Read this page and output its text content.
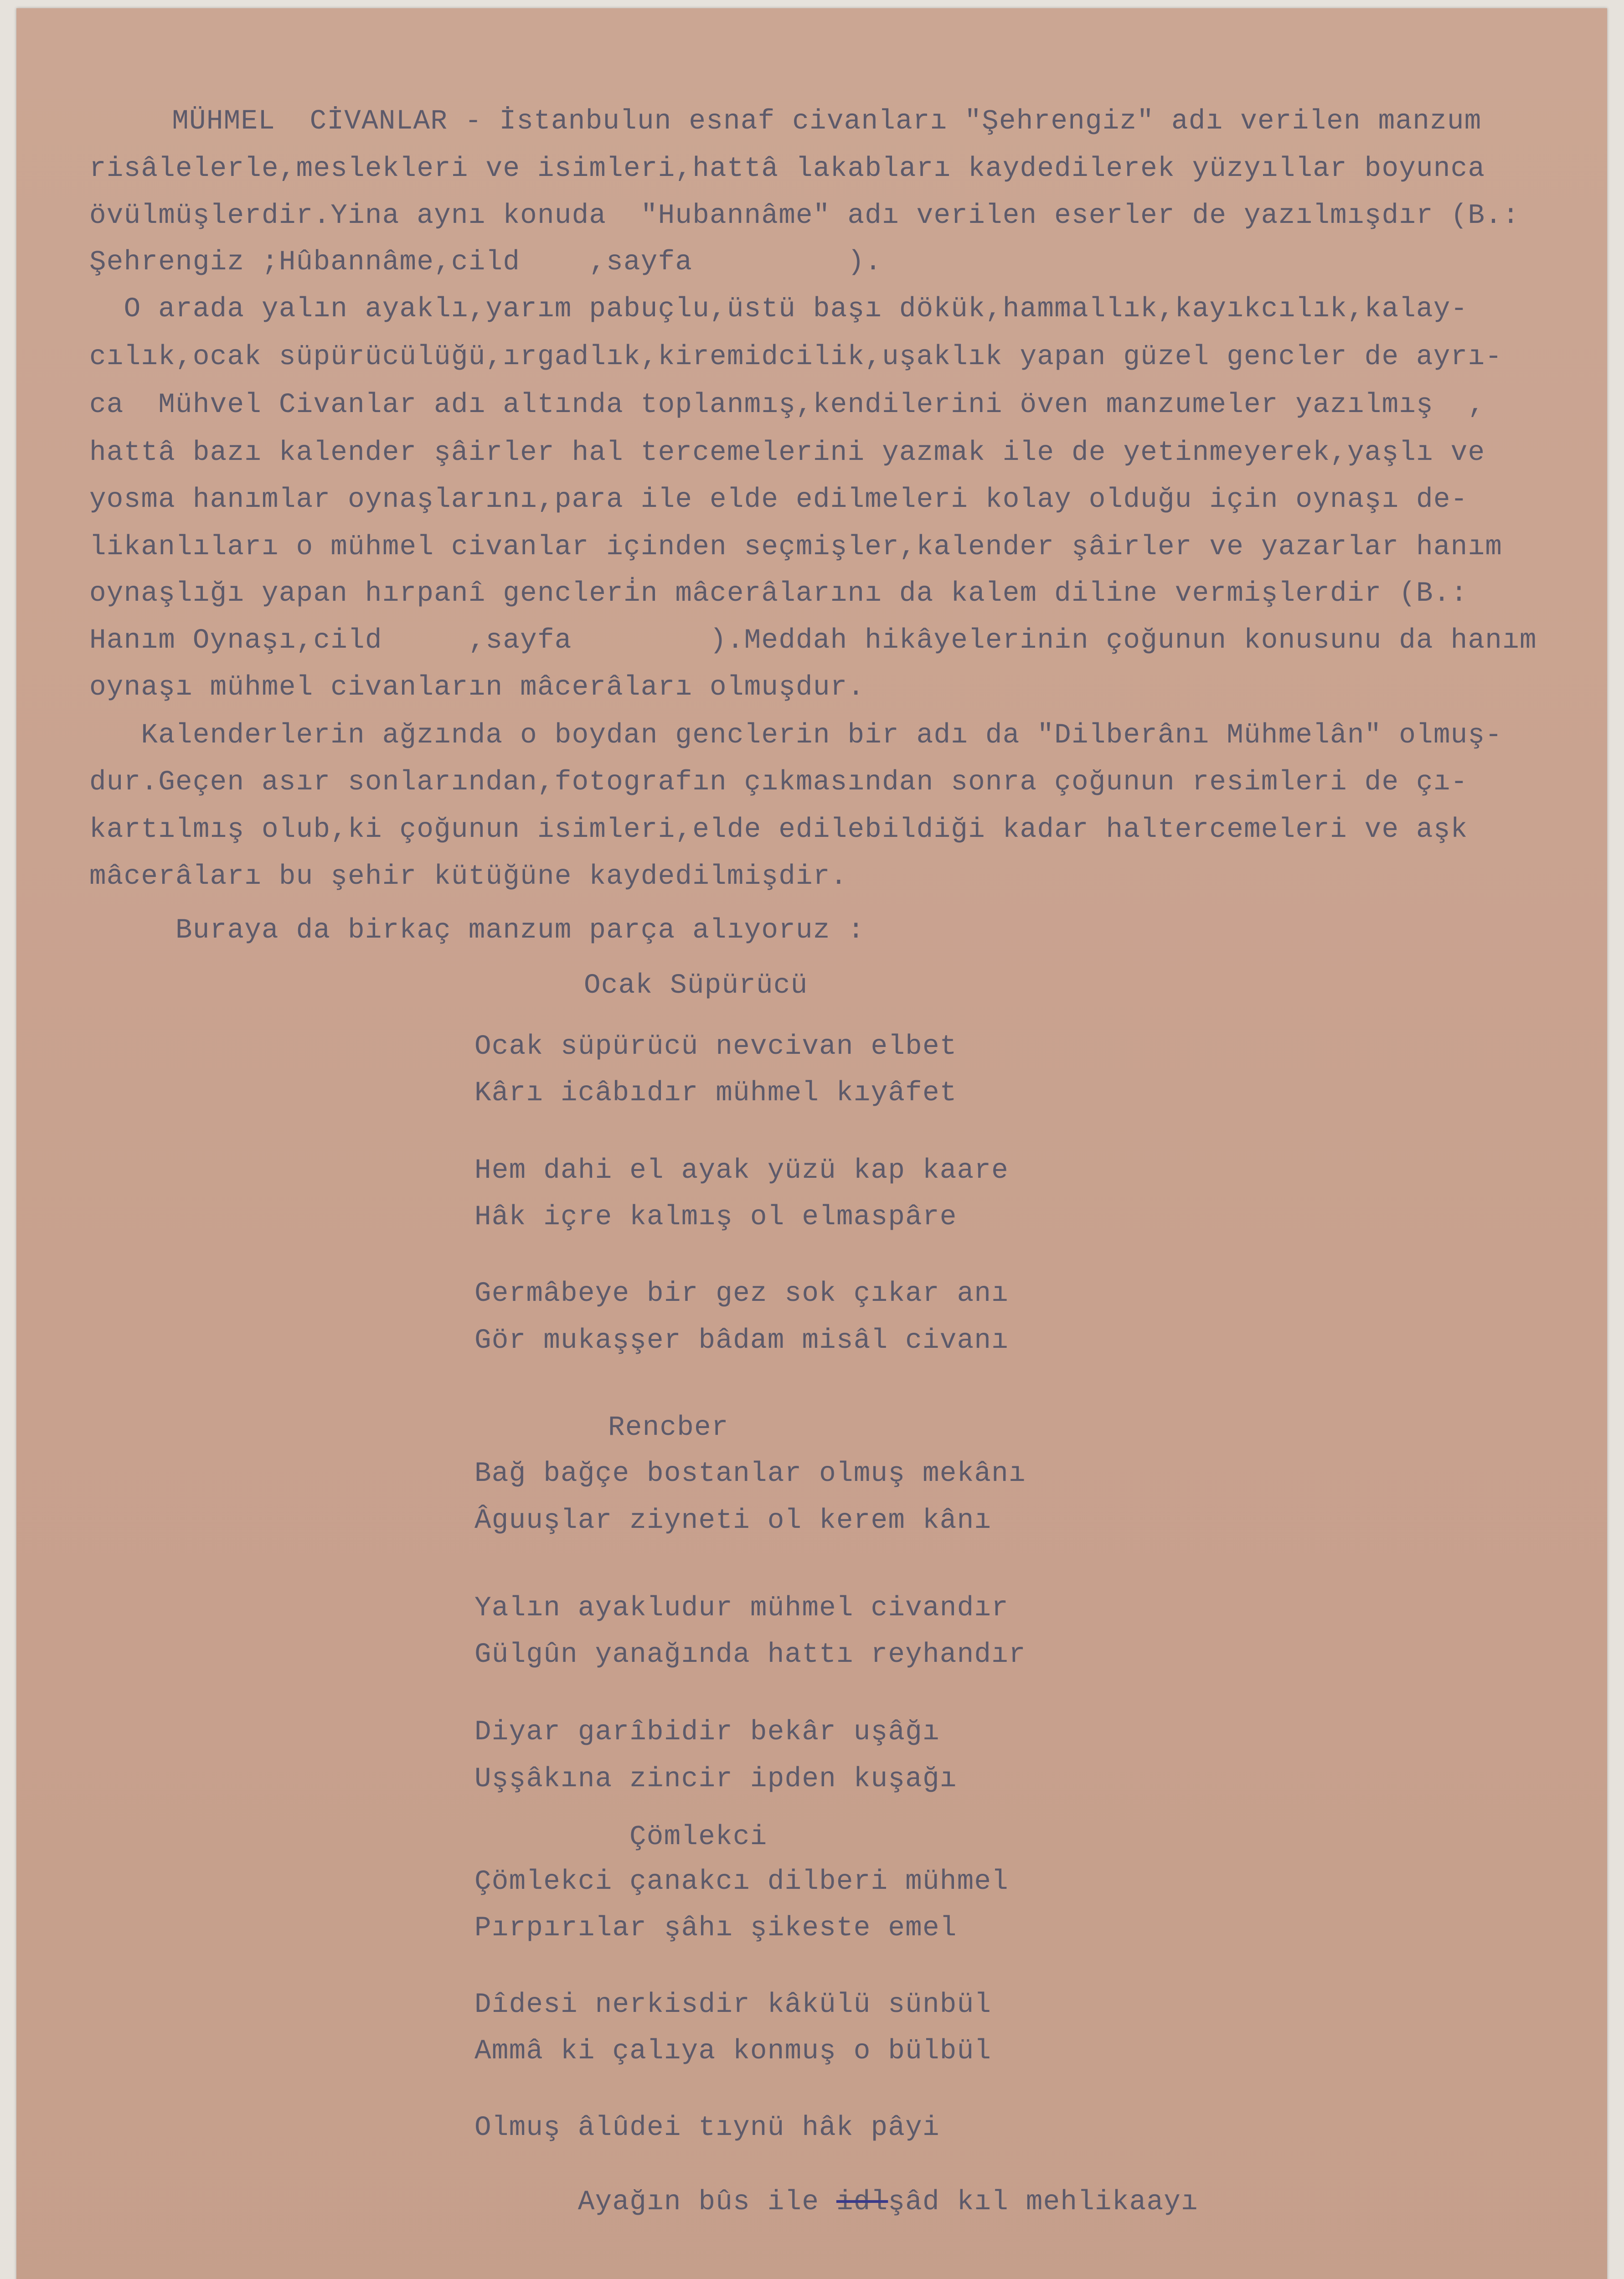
MÜHMEL  CİVANLAR - İstanbulun esnaf civanları "Şehrengiz" adı verilen manzum

risâlelerle,meslekleri ve isimleri,hattâ lakabları kaydedilerek yüzyıllar boyunca

övülmüşlerdir.Yina aynı konuda  "Hubannâme" adı verilen eserler de yazılmışdır (B.:

Şehrengiz ;Hûbannâme,cild    ,sayfa         ).

O arada yalın ayaklı,yarım pabuçlu,üstü başı dökük,hammallık,kayıkcılık,kalay-

cılık,ocak süpürücülüğü,ırgadlık,kiremidcilik,uşaklık yapan güzel gencler de ayrı-

ca  Mühvel Civanlar adı altında toplanmış,kendilerini öven manzumeler yazılmış  ,

hattâ bazı kalender şâirler hal tercemelerini yazmak ile de yetinmeyerek,yaşlı ve

yosma hanımlar oynaşlarını,para ile elde edilmeleri kolay olduğu için oynaşı de-

likanlıları o mühmel civanlar içinden seçmişler,kalender şâirler ve yazarlar hanım

oynaşlığı yapan hırpanî gencleri̇n mâcerâlarını da kalem diline vermişlerdir (B.:

Hanım Oynaşı,cild     ,sayfa        ).Meddah hikâyelerinin çoğunun konusunu da hanım

oynaşı mühmel civanların mâcerâları olmuşdur.

Kalenderlerin ağzında o boydan genclerin bir adı da "Dilberânı Mühmelân" olmuş-

dur.Geçen asır sonlarından,fotografın çıkmasından sonra çoğunun resimleri de çı-

kartılmış olub,ki çoğunun isimleri,elde edilebildiği kadar haltercemeleri ve aşk

mâcerâları bu şehir kütüğüne kaydedilmişdir.

Buraya da birkaç manzum parça alıyoruz :

Ocak Süpürücü

Ocak süpürücü nevcivan elbet

Kârı icâbıdır mühmel kıyâfet

Hem dahi el ayak yüzü kap kaare

Hâk içre kalmış ol elmaspâre

Germâbeye bir gez sok çıkar anı

Gör mukaşşer bâdam misâl civanı

Rencber

Bağ bağçe bostanlar olmuş mekânı

Âguuşlar ziyneti ol kerem kânı

Yalın ayakludur mühmel civandır

Gülgûn yanağında hattı reyhandır

Diyar garîbidir bekâr uşâğı

Uşşâkına zincir ipden kuşağı

Çömlekci

Çömlekci çanakcı dilberi mühmel

Pırpırılar şâhı şikeste emel

Dîdesi nerkisdir kâkülü sünbül

Ammâ ki çalıya konmuş o bülbül

Olmuş âlûdei tıynü hâk pâyi

Ayağın bûs ile idlşâd kıl mehlikaayı
